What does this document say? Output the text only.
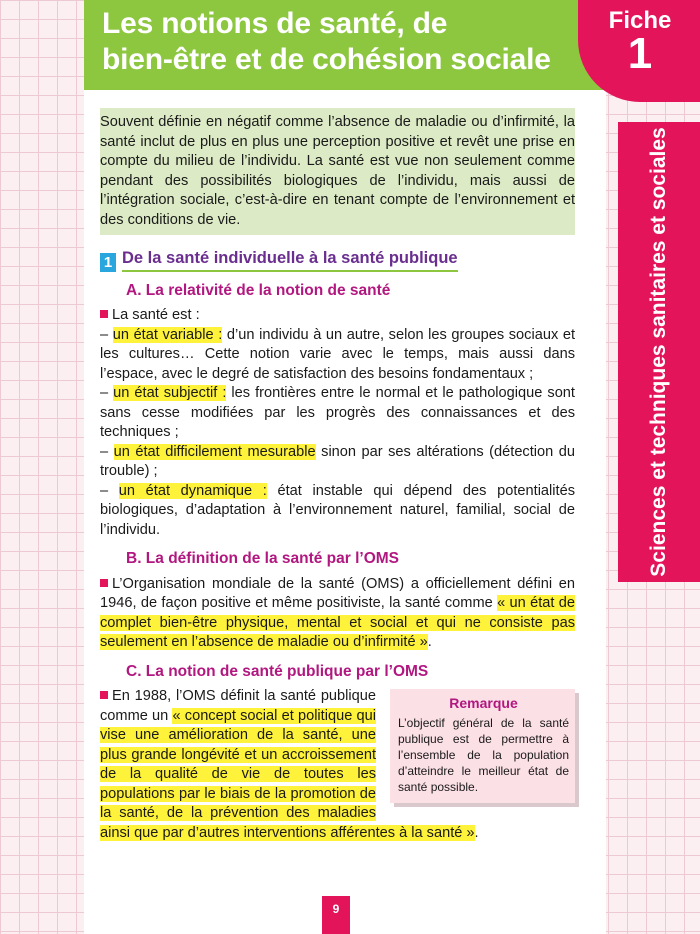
Les notions de santé, de
bien-être et de cohésion sociale
Fiche
1
Sciences et techniques sanitaires et sociales

Souvent définie en négatif comme l’absence de maladie ou d’infirmité, la santé inclut de plus en plus une perception positive et revêt une prise en compte du milieu de l’individu. La santé est vue non seulement comme pendant des possibilités biologiques de l’individu, mais aussi de l’intégration sociale, c’est-à-dire en tenant compte de l’environnement et des conditions de vie.

1 De la santé individuelle à la santé publique
A. La relativité de la notion de santé

La santé est :

– un état variable : d’un individu à un autre, selon les groupes sociaux et les cultures… Cette notion varie avec le temps, mais aussi dans l’espace, avec le degré de satisfaction des besoins fondamentaux ;

– un état subjectif : les frontières entre le normal et le pathologique sont sans cesse modifiées par les progrès des connaissances et des techniques ;

– un état difficilement mesurable sinon par ses altérations (détection du trouble) ;

– un état dynamique : état instable qui dépend des potentialités biologiques, d’adaptation à l’environnement naturel, familial, social de l’individu.

B. La définition de la santé par l’OMS

L’Organisation mondiale de la santé (OMS) a officiellement défini en 1946, de façon positive et même positiviste, la santé comme « un état de complet bien-être physique, mental et social et qui ne consiste pas seulement en l’absence de maladie ou d’infirmité ».

C. La notion de santé publique par l’OMS
Remarque
L’objectif général de la santé publique est de permettre à l’ensemble de la population d’atteindre le meilleur état de santé possible.

En 1988, l’OMS définit la santé publique comme un « concept social et politique qui vise une amélioration de la santé, une plus grande longévité et un accroissement de la qualité de vie de toutes les populations par le biais de la promotion de la santé, de la prévention des maladies ainsi que par d’autres interventions afférentes à la santé ».

9
